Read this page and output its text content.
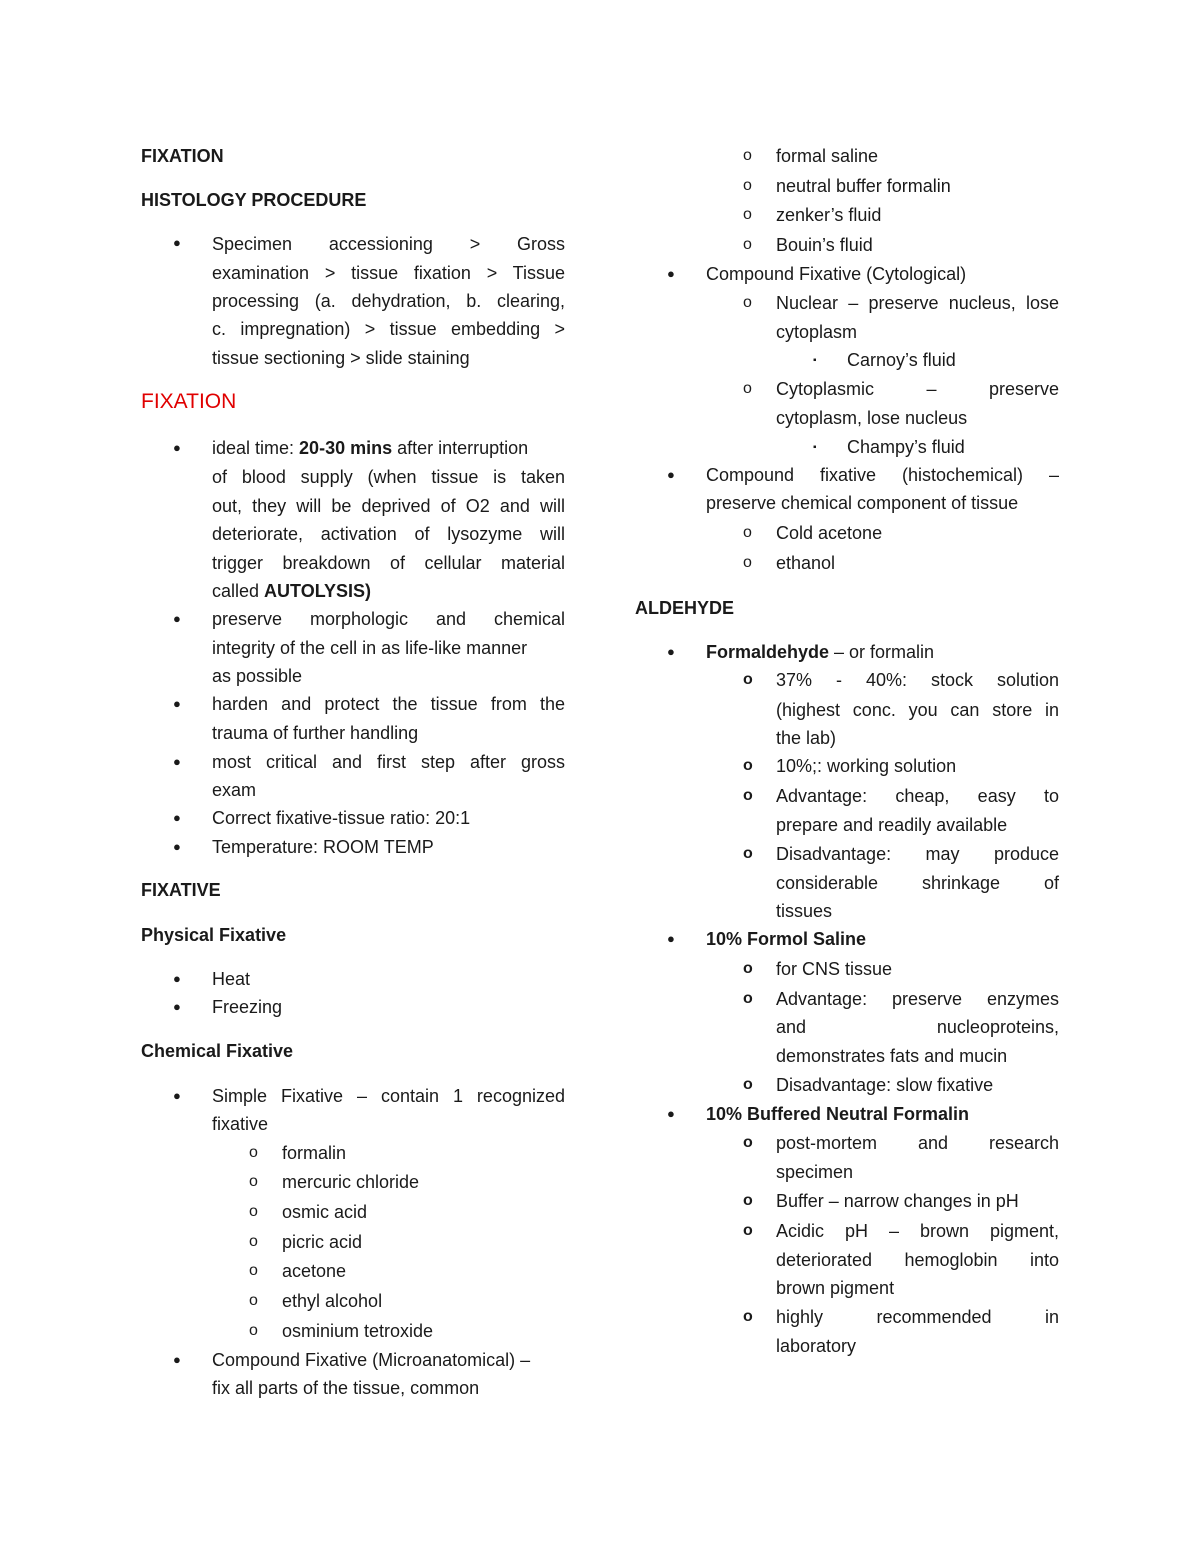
FIXATION
HISTOLOGY PROCEDURE
● Specimen accessioning > Gross
examination > tissue fixation > Tissue
processing (a. dehydration, b. clearing,
c. impregnation) > tissue embedding >
tissue sectioning > slide staining
FIXATION
● ideal time: 20-30 mins after interruption
of blood supply (when tissue is taken
out, they will be deprived of O2 and will
deteriorate, activation of lysozyme will
trigger breakdown of cellular material
called AUTOLYSIS)
● preserve morphologic and chemical
integrity of the cell in as life-like manner
as possible
● harden and protect the tissue from the
trauma of further handling
● most critical and first step after gross
exam
● Correct fixative-tissue ratio: 20:1
● Temperature: ROOM TEMP
FIXATIVE
Physical Fixative
● Heat
● Freezing
Chemical Fixative
● Simple Fixative – contain 1 recognized
fixative
o formalin
o mercuric chloride
o osmic acid
o picric acid
o acetone
o ethyl alcohol
o osminium tetroxide
● Compound Fixative (Microanatomical) –
fix all parts of the tissue, common
o formal saline
o neutral buffer formalin
o zenker’s fluid
o Bouin’s fluid
● Compound Fixative (Cytological)
o Nuclear – preserve nucleus, lose
cytoplasm
▪ Carnoy’s fluid
o Cytoplasmic – preserve
cytoplasm, lose nucleus
▪ Champy’s fluid
● Compound fixative (histochemical) –
preserve chemical component of tissue
o Cold acetone
o ethanol
ALDEHYDE
● Formaldehyde – or formalin
o 37% - 40%: stock solution
(highest conc. you can store in
the lab)
o 10%;: working solution
o Advantage: cheap, easy to
prepare and readily available
o Disadvantage: may produce
considerable shrinkage of
tissues
● 10% Formol Saline
o for CNS tissue
o Advantage: preserve enzymes
and nucleoproteins,
demonstrates fats and mucin
o Disadvantage: slow fixative
● 10% Buffered Neutral Formalin
o post-mortem and research
specimen
o Buffer – narrow changes in pH
o Acidic pH – brown pigment,
deteriorated hemoglobin into
brown pigment
o highly recommended in
laboratory
